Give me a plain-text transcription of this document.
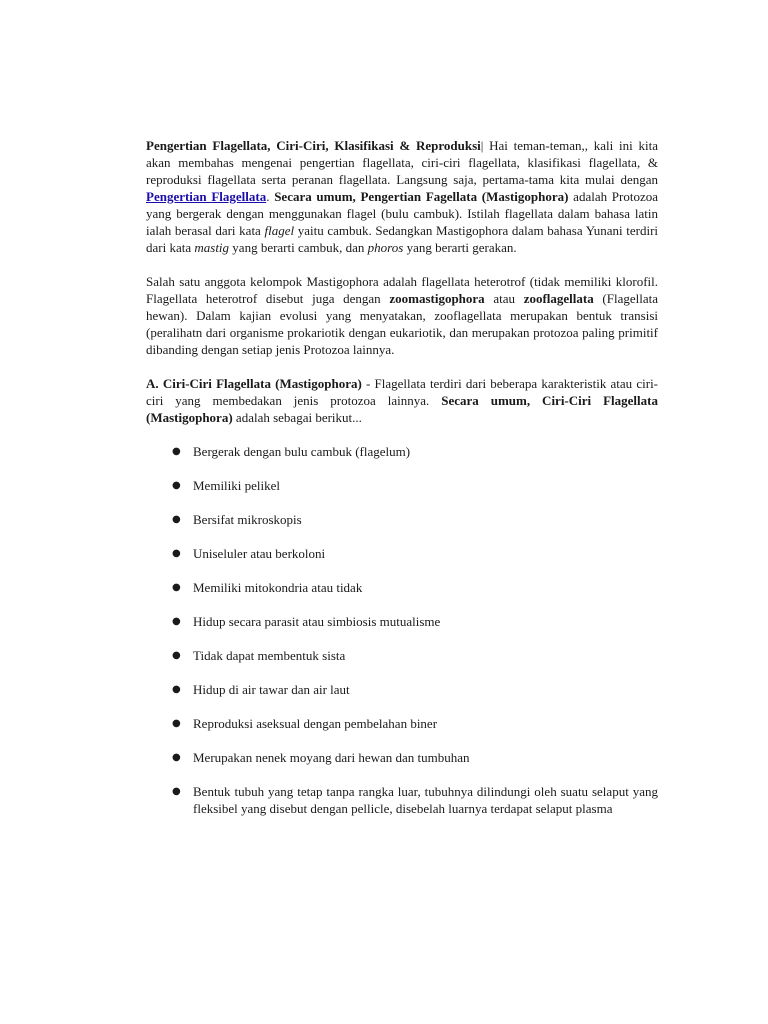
Pengertian Flagellata, Ciri-Ciri, Klasifikasi & Reproduksi| Hai teman-teman,, kali ini kita akan membahas mengenai pengertian flagellata, ciri-ciri flagellata, klasifikasi flagellata, & reproduksi flagellata serta peranan flagellata. Langsung saja, pertama-tama kita mulai dengan Pengertian Flagellata. Secara umum, Pengertian Fagellata (Mastigophora) adalah Protozoa yang bergerak dengan menggunakan flagel (bulu cambuk). Istilah flagellata dalam bahasa latin ialah berasal dari kata flagel yaitu cambuk. Sedangkan Mastigophora dalam bahasa Yunani terdiri dari kata mastig yang berarti cambuk, dan phoros yang berarti gerakan.

Salah satu anggota kelompok Mastigophora adalah flagellata heterotrof (tidak memiliki klorofil. Flagellata heterotrof disebut juga dengan zoomastigophora atau zooflagellata (Flagellata hewan). Dalam kajian evolusi yang menyatakan, zooflagellata merupakan bentuk transisi (peralihatn dari organisme prokariotik dengan eukariotik, dan merupakan protozoa paling primitif dibanding dengan setiap jenis Protozoa lainnya.

A. Ciri-Ciri Flagellata (Mastigophora) - Flagellata terdiri dari beberapa karakteristik atau ciri-ciri yang membedakan jenis protozoa lainnya. Secara umum, Ciri-Ciri Flagellata (Mastigophora) adalah sebagai berikut...

● Bergerak dengan bulu cambuk (flagelum)
● Memiliki pelikel
● Bersifat mikroskopis
● Uniseluler atau berkoloni
● Memiliki mitokondria atau tidak
● Hidup secara parasit atau simbiosis mutualisme
● Tidak dapat membentuk sista
● Hidup di air tawar dan air laut
● Reproduksi aseksual dengan pembelahan biner
● Merupakan nenek moyang dari hewan dan tumbuhan
● Bentuk tubuh yang tetap tanpa rangka luar, tubuhnya dilindungi oleh suatu selaput yang fleksibel yang disebut dengan pellicle, disebelah luarnya terdapat selaput plasma
